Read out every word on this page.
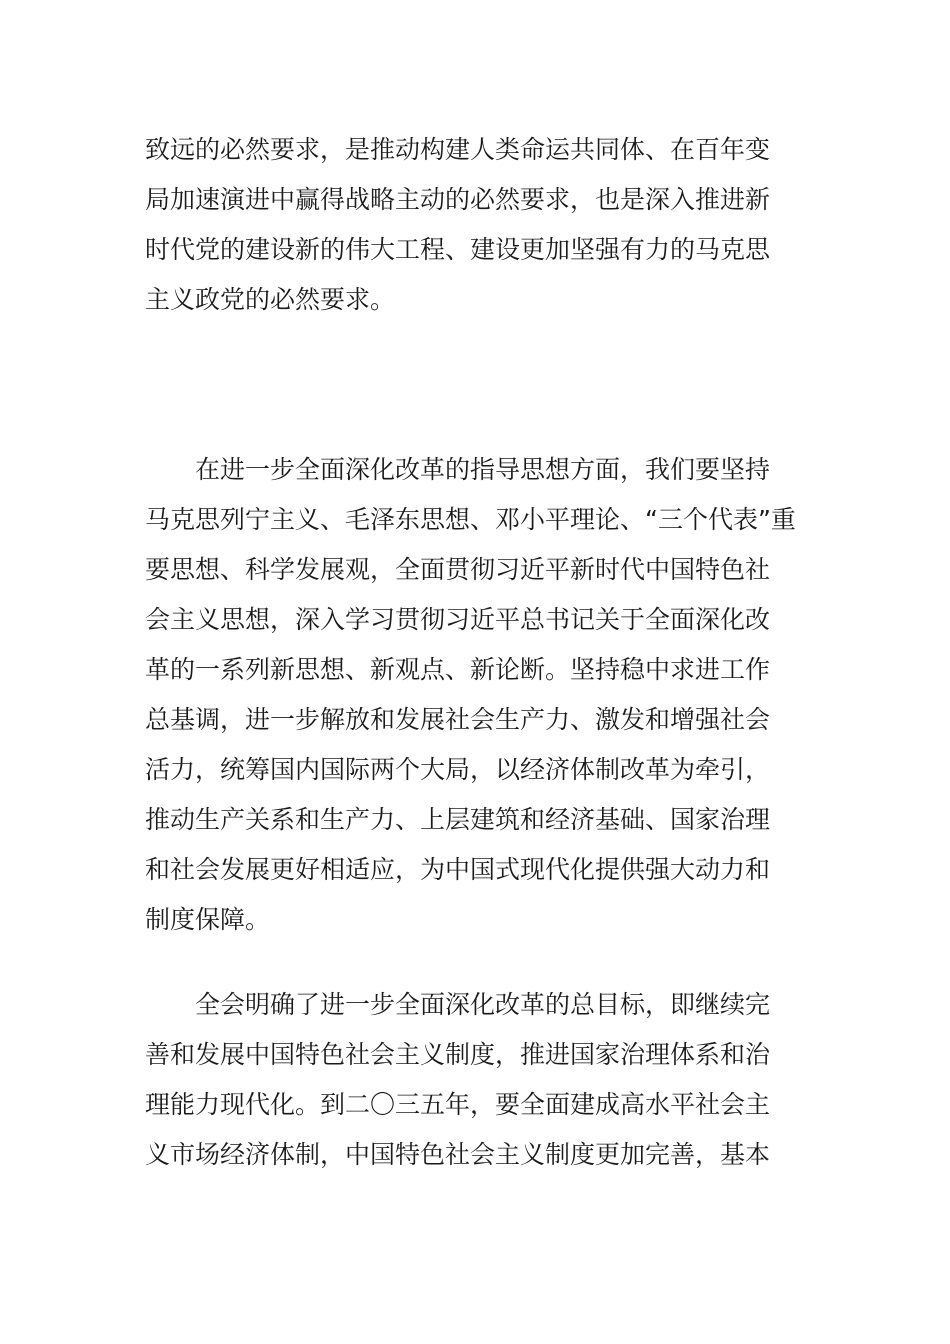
致远的必然要求，是推动构建人类命运共同体、在百年变
局加速演进中赢得战略主动的必然要求，也是深入推进新
时代党的建设新的伟大工程、建设更加坚强有力的马克思
主义政党的必然要求。
在进一步全面深化改革的指导思想方面，我们要坚持
马克思列宁主义、毛泽东思想、邓小平理论、“三个代表”重
要思想、科学发展观，全面贯彻习近平新时代中国特色社
会主义思想，深入学习贯彻习近平总书记关于全面深化改
革的一系列新思想、新观点、新论断。坚持稳中求进工作
总基调，进一步解放和发展社会生产力、激发和增强社会
活力，统筹国内国际两个大局，以经济体制改革为牵引，
推动生产关系和生产力、上层建筑和经济基础、国家治理
和社会发展更好相适应，为中国式现代化提供强大动力和
制度保障。
全会明确了进一步全面深化改革的总目标，即继续完
善和发展中国特色社会主义制度，推进国家治理体系和治
理能力现代化。到二〇三五年，要全面建成高水平社会主
义市场经济体制，中国特色社会主义制度更加完善，基本
